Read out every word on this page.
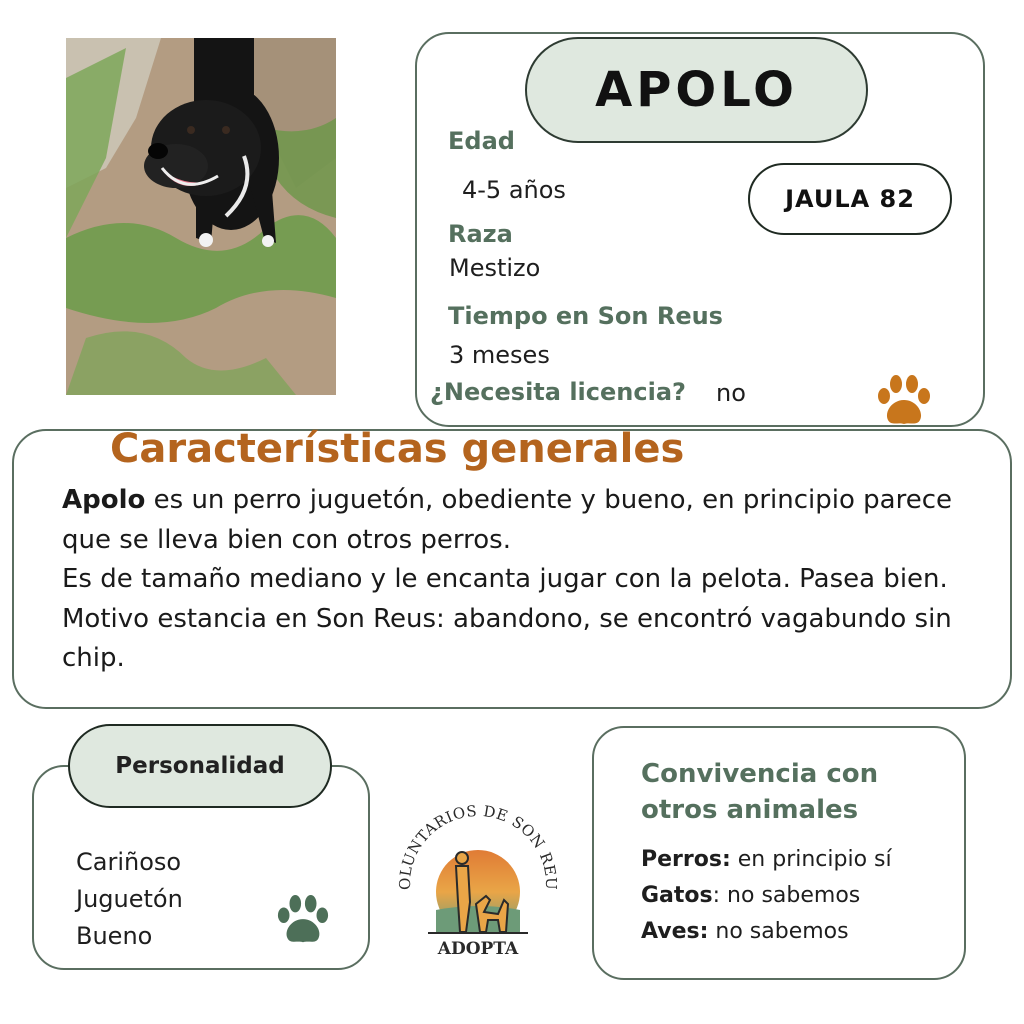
APOLO
JAULA 82
Edad
4-5 años
Raza
Mestizo
Tiempo en Son Reus
3 meses
¿Necesita licencia? no
Características generales

Apolo es un perro juguetón, obediente y bueno, en principio parece que se lleva bien con otros perros.

Es de tamaño mediano y le encanta jugar con la pelota. Pasea bien.

Motivo estancia en Son Reus: abandono, se encontró vagabundo sin chip.

Personalidad
Cariñoso
Juguetón
Bueno
OLUNTARIOS DE SON REU
ADOPTA
Convivencia con
otros animales
Perros: en principio sí
Gatos: no sabemos
Aves: no sabemos
